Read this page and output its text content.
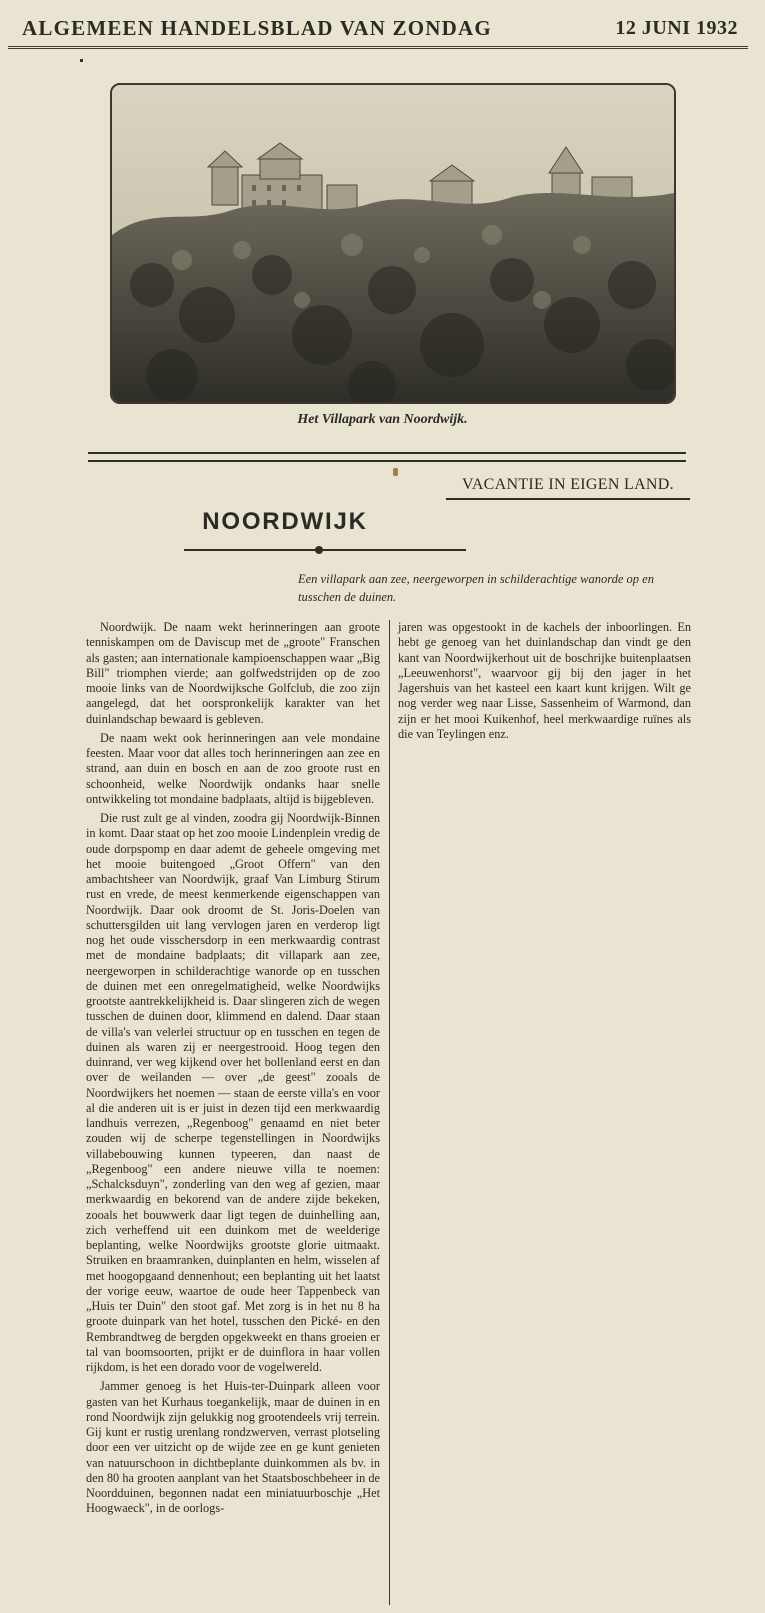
ALGEMEEN HANDELSBLAD VAN ZONDAG	12 JUNI 1932
Het Villapark van Noordwijk.
VACANTIE IN EIGEN LAND.
NOORDWIJK
Een villapark aan zee, neergeworpen in schilderachtige wanorde op en tusschen de duinen.

Noordwijk. De naam wekt herinneringen aan groote tenniskampen om de Daviscup met de „groote" Franschen als gasten; aan internationale kampioenschappen waar „Big Bill" triomphen vierde; aan golfwedstrijden op de zoo mooie links van de Noordwijksche Golfclub, die zoo zijn aangelegd, dat het oorspronkelijk karakter van het duinlandschap bewaard is gebleven.

De naam wekt ook herinneringen aan vele mondaine feesten. Maar voor dat alles toch herinneringen aan zee en strand, aan duin en bosch en aan de zoo groote rust en schoonheid, welke Noordwijk ondanks haar snelle ontwikkeling tot mondaine badplaats, altijd is bijgebleven.

Die rust zult ge al vinden, zoodra gij Noordwijk-Binnen in komt. Daar staat op het zoo mooie Lindenplein vredig de oude dorpspomp en daar ademt de geheele omgeving met het mooie buitengoed „Groot Offern" van den ambachtsheer van Noordwijk, graaf Van Limburg Stirum rust en vrede, de meest kenmerkende eigenschappen van Noordwijk. Daar ook droomt de St. Joris-Doelen van schuttersgilden uit lang vervlogen jaren en verderop ligt nog het oude visschersdorp in een merkwaardig contrast met de mondaine badplaats; dit villapark aan zee, neergeworpen in schilderachtige wanorde op en tusschen de duinen met een onregelmatigheid, welke Noordwijks grootste aantrekkelijkheid is. Daar slingeren zich de wegen tusschen de duinen door, klimmend en dalend. Daar staan de villa's van velerlei structuur op en tusschen en tegen de duinen als waren zij er neergestrooid. Hoog tegen den duinrand, ver weg kijkend over het bollenland eerst en dan over de weilanden — over „de geest" zooals de Noordwijkers het noemen — staan de eerste villa's en voor al die anderen uit is er juist in dezen tijd een merkwaardig landhuis verrezen, „Regenboog" genaamd en niet beter zouden wij de scherpe tegenstellingen in Noordwijks villabebouwing kunnen typeeren, dan naast de „Regenboog" een andere nieuwe villa te noemen: „Schalcksduyn", zonderling van den weg af gezien, maar merkwaardig en bekorend van de andere zijde bekeken, zooals het bouwwerk daar ligt tegen de duinhelling aan, zich verheffend uit een duinkom met de weelderige beplanting, welke Noordwijks grootste glorie uitmaakt. Struiken en braamranken, duinplanten en helm, wisselen af met hoogopgaand dennenhout; een beplanting uit het laatst der vorige eeuw, waartoe de oude heer Tappenbeck van „Huis ter Duin" den stoot gaf. Met zorg is in het nu 8 ha groote duinpark van het hotel, tusschen den Pické- en den Rembrandtweg de bergden opgekweekt en thans groeien er tal van boomsoorten, prijkt er de duinflora in haar vollen rijkdom, is het een dorado voor de vogelwereld.

Jammer genoeg is het Huis-ter-Duinpark alleen voor gasten van het Kurhaus toegankelijk, maar de duinen in en rond Noordwijk zijn gelukkig nog grootendeels vrij terrein. Gij kunt er rustig urenlang rondzwerven, verrast plotseling door een ver uitzicht op de wijde zee en ge kunt genieten van natuurschoon in dichtbeplante duinkommen als bv. in den 80 ha grooten aanplant van het Staatsboschbeheer in de Noordduinen, begonnen nadat een miniatuurboschje „Het Hoogwaeck", in de oorlogs-

jaren was opgestookt in de kachels der inboorlingen. En hebt ge genoeg van het duinlandschap dan vindt ge den kant van Noordwijkerhout uit de boschrijke buitenplaatsen „Leeuwenhorst", waarvoor gij bij den jager in het Jagershuis van het kasteel een kaart kunt krijgen. Wilt ge nog verder weg naar Lisse, Sassenheim of Warmond, dan zijn er het mooi Kuikenhof, heel merkwaardige ruïnes als die van Teylingen enz.
